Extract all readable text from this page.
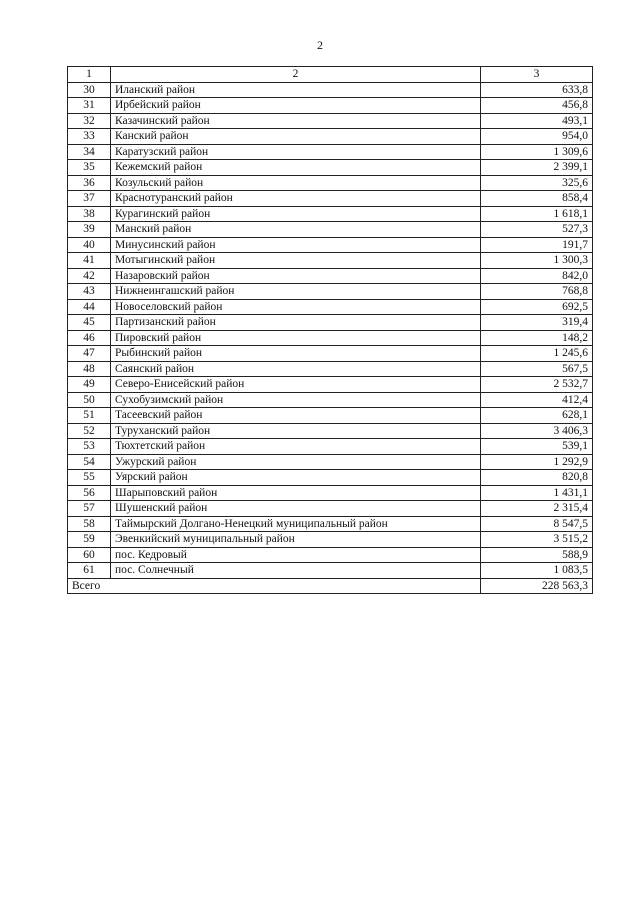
2
1	2	3
30	Иланский район	633,8
31	Ирбейский район	456,8
32	Казачинский район	493,1
33	Канский район	954,0
34	Каратузский район	1 309,6
35	Кежемский район	2 399,1
36	Козульский район	325,6
37	Краснотуранский район	858,4
38	Курагинский район	1 618,1
39	Манский район	527,3
40	Минусинский район	191,7
41	Мотыгинский район	1 300,3
42	Назаровский район	842,0
43	Нижнеингашский район	768,8
44	Новоселовский район	692,5
45	Партизанский район	319,4
46	Пировский район	148,2
47	Рыбинский район	1 245,6
48	Саянский район	567,5
49	Северо-Енисейский район	2 532,7
50	Сухобузимский район	412,4
51	Тасеевский район	628,1
52	Туруханский район	3 406,3
53	Тюхтетский район	539,1
54	Ужурский район	1 292,9
55	Уярский район	820,8
56	Шарыповский район	1 431,1
57	Шушенский район	2 315,4
58	Таймырский Долгано-Ненецкий муниципальный район	8 547,5
59	Эвенкийский муниципальный район	3 515,2
60	пос. Кедровый	588,9
61	пос. Солнечный	1 083,5
Всего		228 563,3
